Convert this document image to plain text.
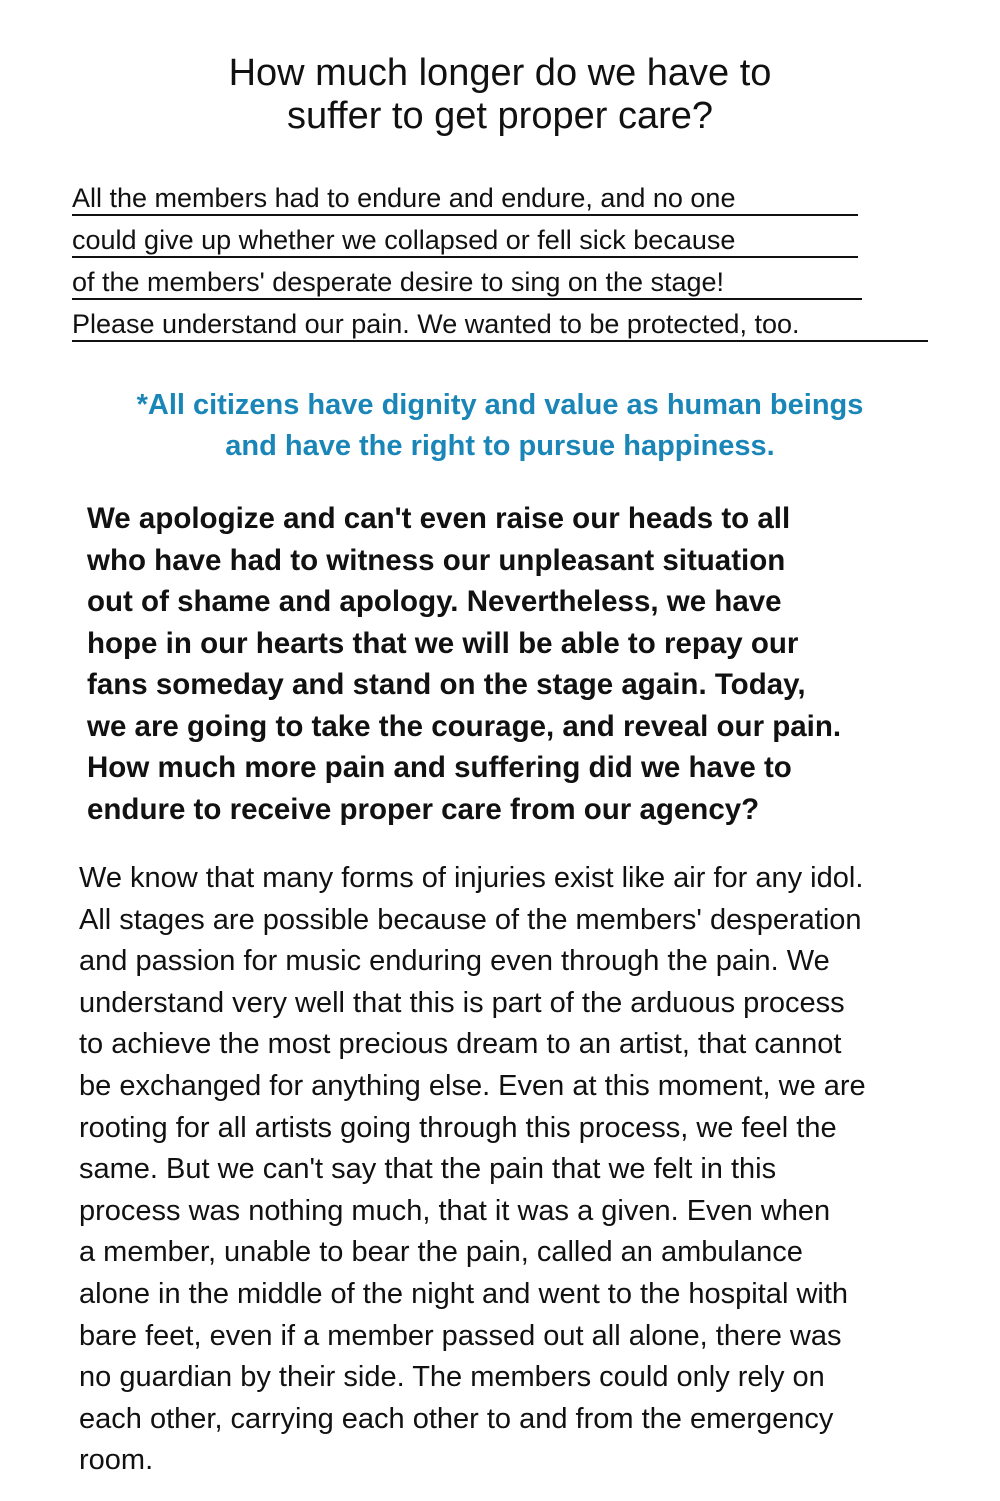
How much longer do we have to
suffer to get proper care?
All the members had to endure and endure, and no one
could give up whether we collapsed or fell sick because
of the members' desperate desire to sing on the stage!
Please understand our pain. We wanted to be protected, too.
*All citizens have dignity and value as human beings
and have the right to pursue happiness.
We apologize and can't even raise our heads to all
who have had to witness our unpleasant situation
out of shame and apology. Nevertheless, we have
hope in our hearts that we will be able to repay our
fans someday and stand on the stage again. Today,
we are going to take the courage, and reveal our pain.
How much more pain and suffering did we have to
endure to receive proper care from our agency?
We know that many forms of injuries exist like air for any idol.
All stages are possible because of the members' desperation
and passion for music enduring even through the pain. We
understand very well that this is part of the arduous process
to achieve the most precious dream to an artist, that cannot
be exchanged for anything else. Even at this moment, we are
rooting for all artists going through this process, we feel the
same. But we can't say that the pain that we felt in this
process was nothing much, that it was a given. Even when
a member, unable to bear the pain, called an ambulance
alone in the middle of the night and went to the hospital with
bare feet, even if a member passed out all alone, there was
no guardian by their side. The members could only rely on
each other, carrying each other to and from the emergency
room.
